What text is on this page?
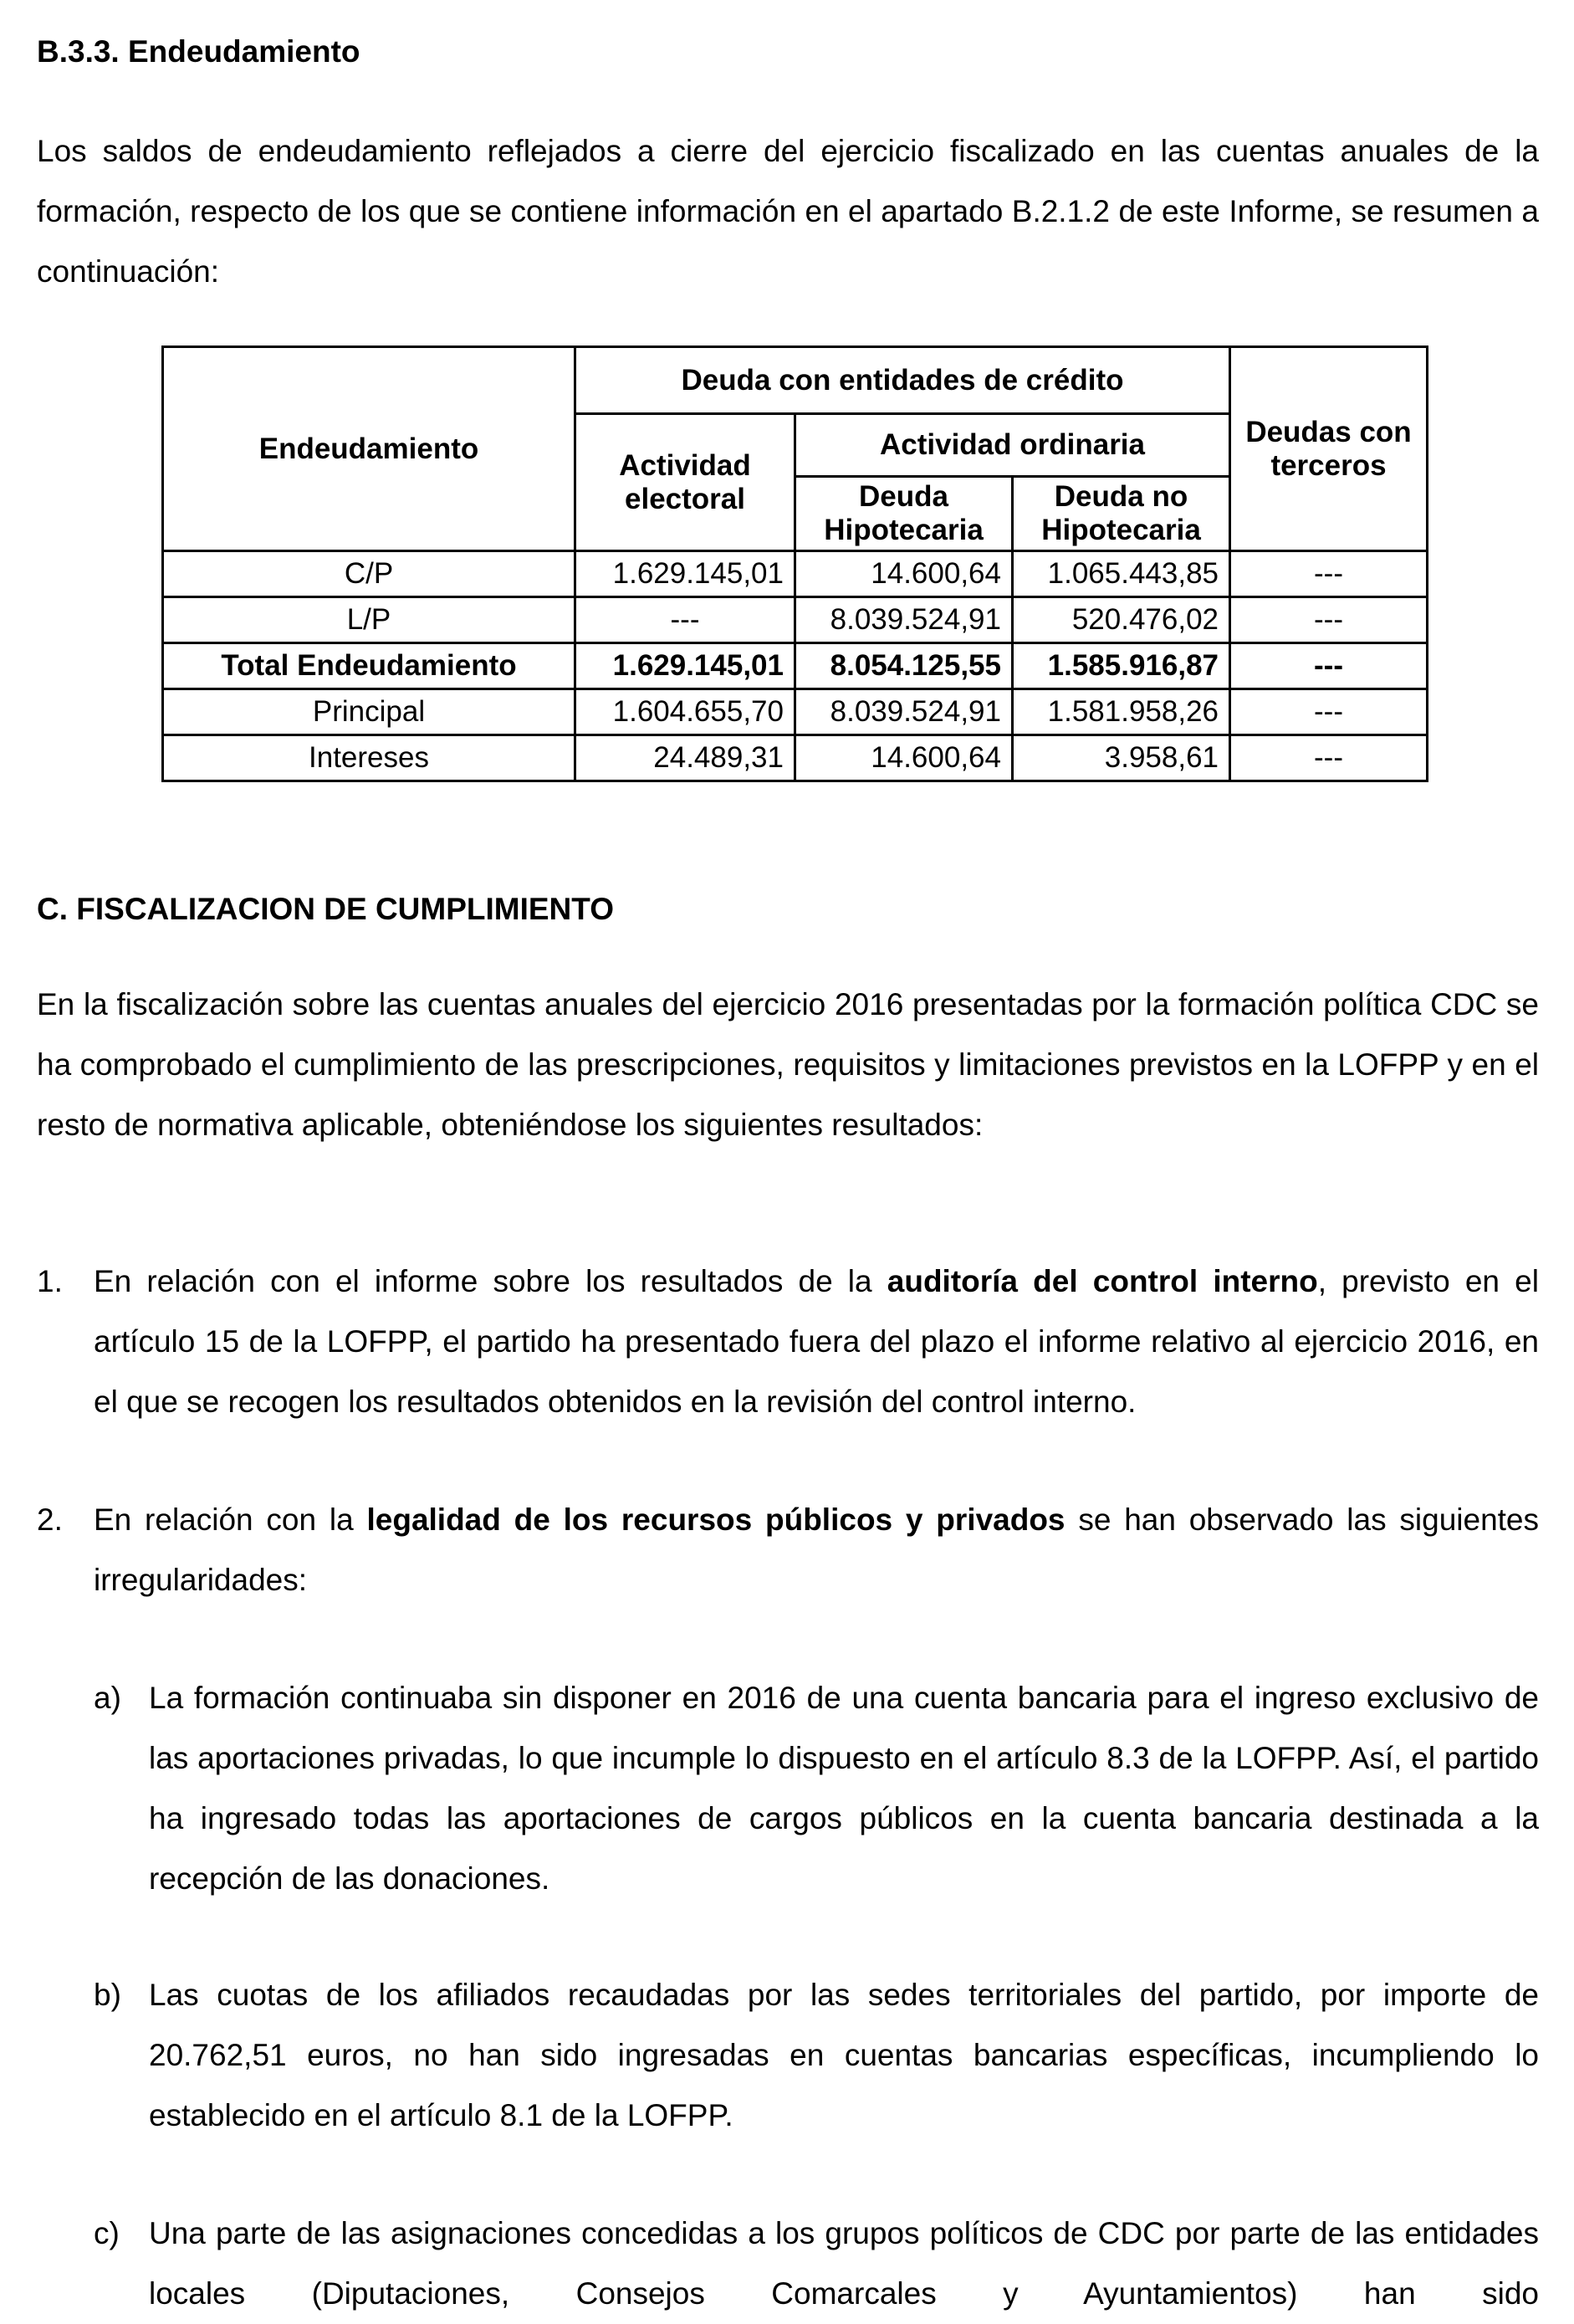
B.3.3. Endeudamiento
Los saldos de endeudamiento reflejados a cierre del ejercicio fiscalizado en las cuentas anuales de la formación, respecto de los que se contiene información en el apartado B.2.1.2 de este Informe, se resumen a continuación:
Endeudamiento	Deuda con entidades de crédito			Deudas con terceros
	Actividad electoral	Actividad ordinaria		
		Deuda Hipotecaria	Deuda no Hipotecaria	
C/P	1.629.145,01	14.600,64	1.065.443,85	---
L/P	---	8.039.524,91	520.476,02	---
Total Endeudamiento	1.629.145,01	8.054.125,55	1.585.916,87	---
Principal	1.604.655,70	8.039.524,91	1.581.958,26	---
Intereses	24.489,31	14.600,64	3.958,61	---
C. FISCALIZACION DE CUMPLIMIENTO
En la fiscalización sobre las cuentas anuales del ejercicio 2016 presentadas por la formación política CDC se ha comprobado el cumplimiento de las prescripciones, requisitos y limitaciones previstos en la LOFPP y en el resto de normativa aplicable, obteniéndose los siguientes resultados:
1. En relación con el informe sobre los resultados de la auditoría del control interno, previsto en el artículo 15 de la LOFPP, el partido ha presentado fuera del plazo el informe relativo al ejercicio 2016, en el que se recogen los resultados obtenidos en la revisión del control interno.
2. En relación con la legalidad de los recursos públicos y privados se han observado las siguientes irregularidades:
a) La formación continuaba sin disponer en 2016 de una cuenta bancaria para el ingreso exclusivo de las aportaciones privadas, lo que incumple lo dispuesto en el artículo 8.3 de la LOFPP. Así, el partido ha ingresado todas las aportaciones de cargos públicos en la cuenta bancaria destinada a la recepción de las donaciones.
b) Las cuotas de los afiliados recaudadas por las sedes territoriales del partido, por importe de 20.762,51 euros, no han sido ingresadas en cuentas bancarias específicas, incumpliendo lo establecido en el artículo 8.1 de la LOFPP.
c) Una parte de las asignaciones concedidas a los grupos políticos de CDC por parte de las entidades locales (Diputaciones, Consejos Comarcales y Ayuntamientos) han sido
